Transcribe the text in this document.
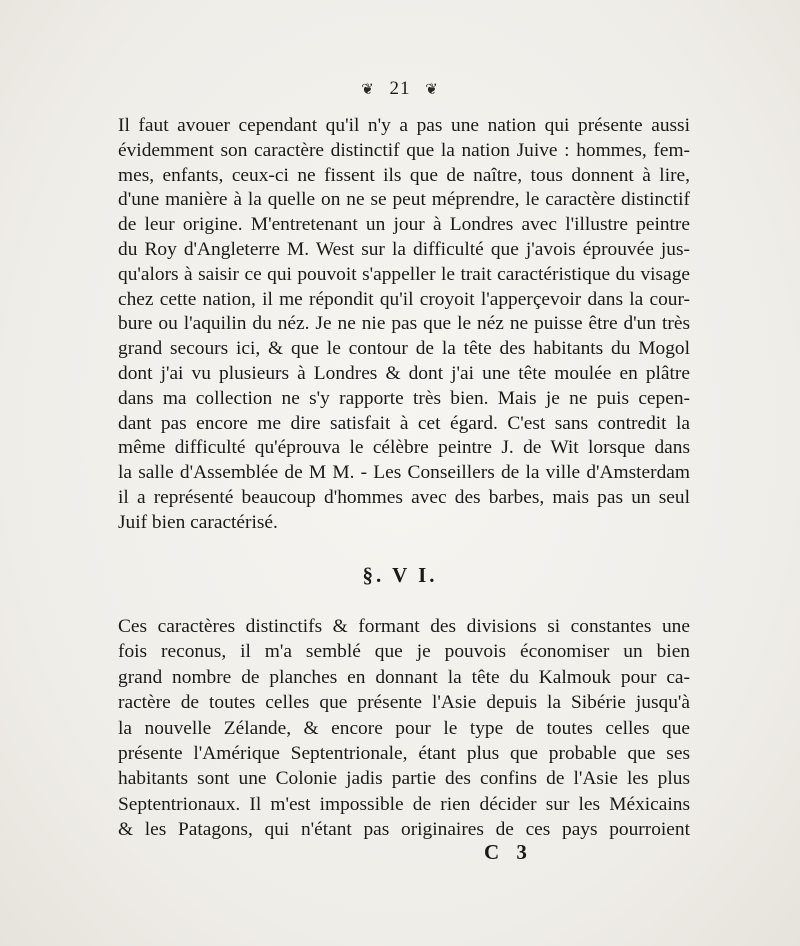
❦ 21 ❦
Il faut avouer cependant qu'il n'y a pas une nation qui présente aussi
évidemment son caractère distinctif que la nation Juive : hommes, fem-
mes, enfants, ceux-ci ne fissent ils que de naître, tous donnent à lire,
d'une manière à la quelle on ne se peut méprendre, le caractère distinctif
de leur origine. M'entretenant un jour à Londres avec l'illustre peintre
du Roy d'Angleterre M. West sur la difficulté que j'avois éprouvée jus-
qu'alors à saisir ce qui pouvoit s'appeller le trait caractéristique du visage
chez cette nation, il me répondit qu'il croyoit l'apperçevoir dans la cour-
bure ou l'aquilin du néz. Je ne nie pas que le néz ne puisse être d'un très
grand secours ici, & que le contour de la tête des habitants du Mogol
dont j'ai vu plusieurs à Londres & dont j'ai une tête moulée en plâtre
dans ma collection ne s'y rapporte très bien. Mais je ne puis cepen-
dant pas encore me dire satisfait à cet égard. C'est sans contredit la
même difficulté qu'éprouva le célèbre peintre J. de Wit lorsque dans
la salle d'Assemblée de M M. - Les Conseillers de la ville d'Amsterdam
il a représenté beaucoup d'hommes avec des barbes, mais pas un seul
Juif bien caractérisé.
§. V I.
Ces caractères distinctifs & formant des divisions si constantes une
fois reconus, il m'a semblé que je pouvois économiser un bien
grand nombre de planches en donnant la tête du Kalmouk pour ca-
ractère de toutes celles que présente l'Asie depuis la Sibérie jusqu'à
la nouvelle Zélande, & encore pour le type de toutes celles que
présente l'Amérique Septentrionale, étant plus que probable que ses
habitants sont une Colonie jadis partie des confins de l'Asie les plus
Septentrionaux. Il m'est impossible de rien décider sur les Méxicains
& les Patagons, qui n'étant pas originaires de ces pays pourroient
C 3
